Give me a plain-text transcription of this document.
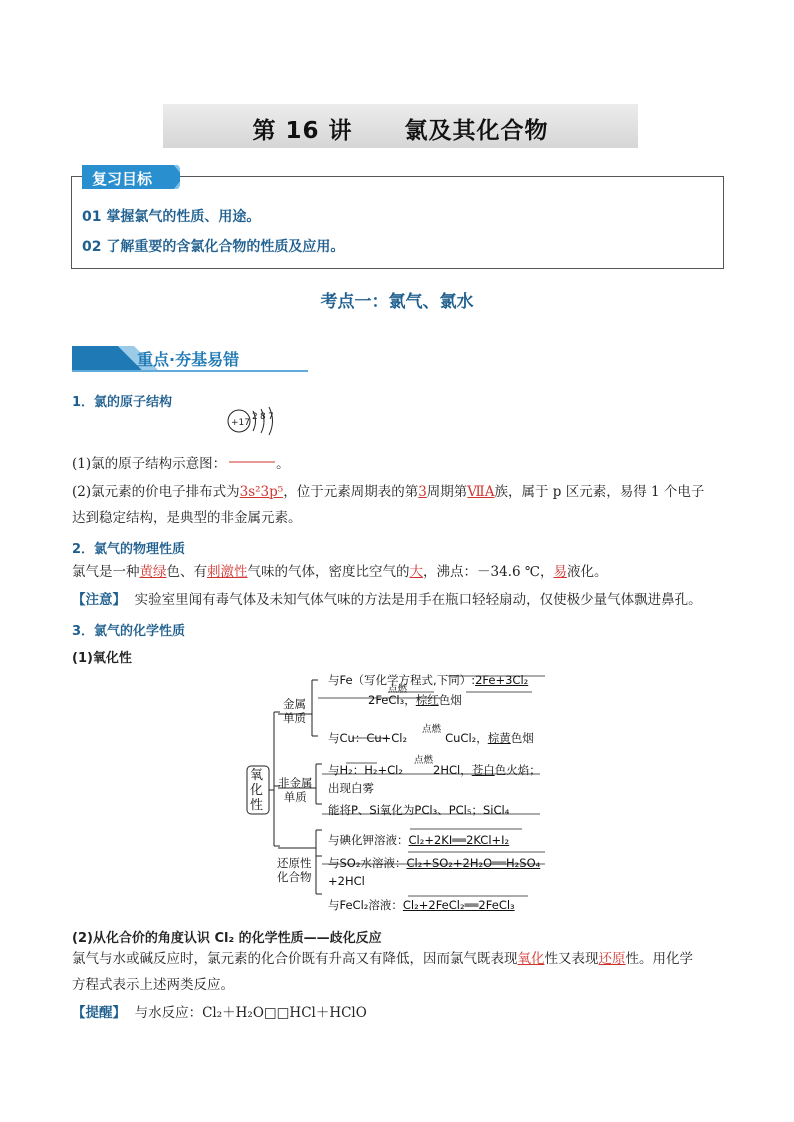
第 16 讲 氯及其化合物
复习目标
01 掌握氯气的性质、用途。
02 了解重要的含氯化合物的性质及应用。
考点一：氯气、氯水
重点·夯基易错
1．氯的原子结构
+17
2 8 7
(1)氯的原子结构示意图：	。
(2)氯元素的价电子排布式为3s²3p⁵，位于元素周期表的第3周期第ⅦA族，属于 p 区元素，易得 1 个电子
达到稳定结构，是典型的非金属元素。
2．氯气的物理性质
氯气是一种黄绿色、有刺激性气味的气体，密度比空气的大，沸点：－34.6 ℃，易液化。
【注意】 实验室里闻有毒气体及未知气体气味的方法是用手在瓶口轻轻扇动，仅使极少量气体飘进鼻孔。
3．氯气的化学性质
(1)氧化性
氧
化
性
金属
单质
非金属
单质
还原性
化合物
与Fe（写化学方程式,下同）:2Fe+3Cl₂
点燃
2FeCl₃，棕红色烟
点燃
与Cu：Cu+Cl₂	CuCl₂，棕黄色烟
点燃
与H₂：H₂+Cl₂	2HCl，苍白色火焰；
出现白雾
能将P、Si氧化为PCl₃、PCl₅；SiCl₄
与碘化钾溶液：Cl₂+2KI══2KCl+I₂
与SO₂水溶液：Cl₂+SO₂+2H₂O══H₂SO₄
+2HCl
与FeCl₂溶液：Cl₂+2FeCl₂══2FeCl₃
(2)从化合价的角度认识 Cl₂ 的化学性质——歧化反应
氯气与水或碱反应时，氯元素的化合价既有升高又有降低，因而氯气既表现氧化性又表现还原性。用化学
方程式表示上述两类反应。
【提醒】 与水反应：Cl₂＋H₂O□□HCl＋HClO
